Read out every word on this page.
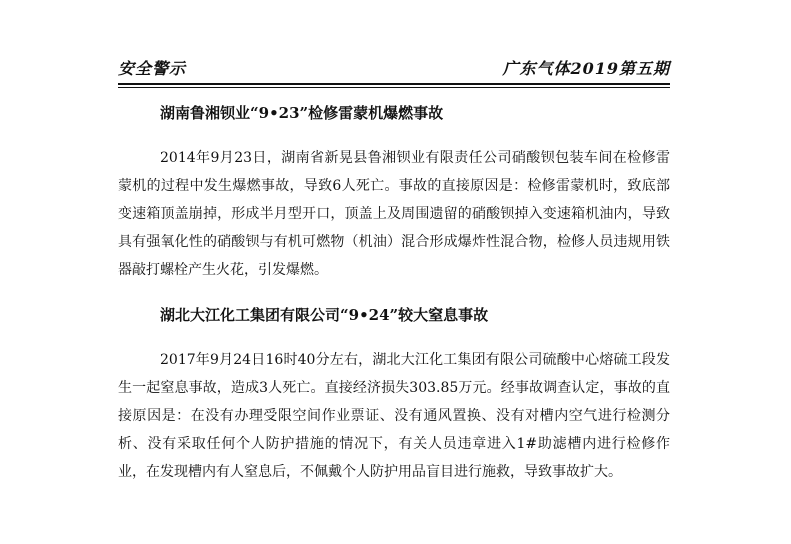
安全警示	广东气体2019第五期
湖南鲁湘钡业“9•23”检修雷蒙机爆燃事故

2014年9月23日，湖南省新晃县鲁湘钡业有限责任公司硝酸钡包装车间在检修雷蒙机的过程中发生爆燃事故，导致6人死亡。事故的直接原因是：检修雷蒙机时，致底部变速箱顶盖崩掉，形成半月型开口，顶盖上及周围遗留的硝酸钡掉入变速箱机油内，导致具有强氧化性的硝酸钡与有机可燃物（机油）混合形成爆炸性混合物，检修人员违规用铁器敲打螺栓产生火花，引发爆燃。

湖北大江化工集团有限公司“9•24”较大窒息事故

2017年9月24日16时40分左右，湖北大江化工集团有限公司硫酸中心熔硫工段发生一起窒息事故，造成3人死亡。直接经济损失303.85万元。经事故调查认定，事故的直接原因是：在没有办理受限空间作业票证、没有通风置换、没有对槽内空气进行检测分析、没有采取任何个人防护措施的情况下，有关人员违章进入1#助滤槽内进行检修作业，在发现槽内有人窒息后，不佩戴个人防护用品盲目进行施救，导致事故扩大。
